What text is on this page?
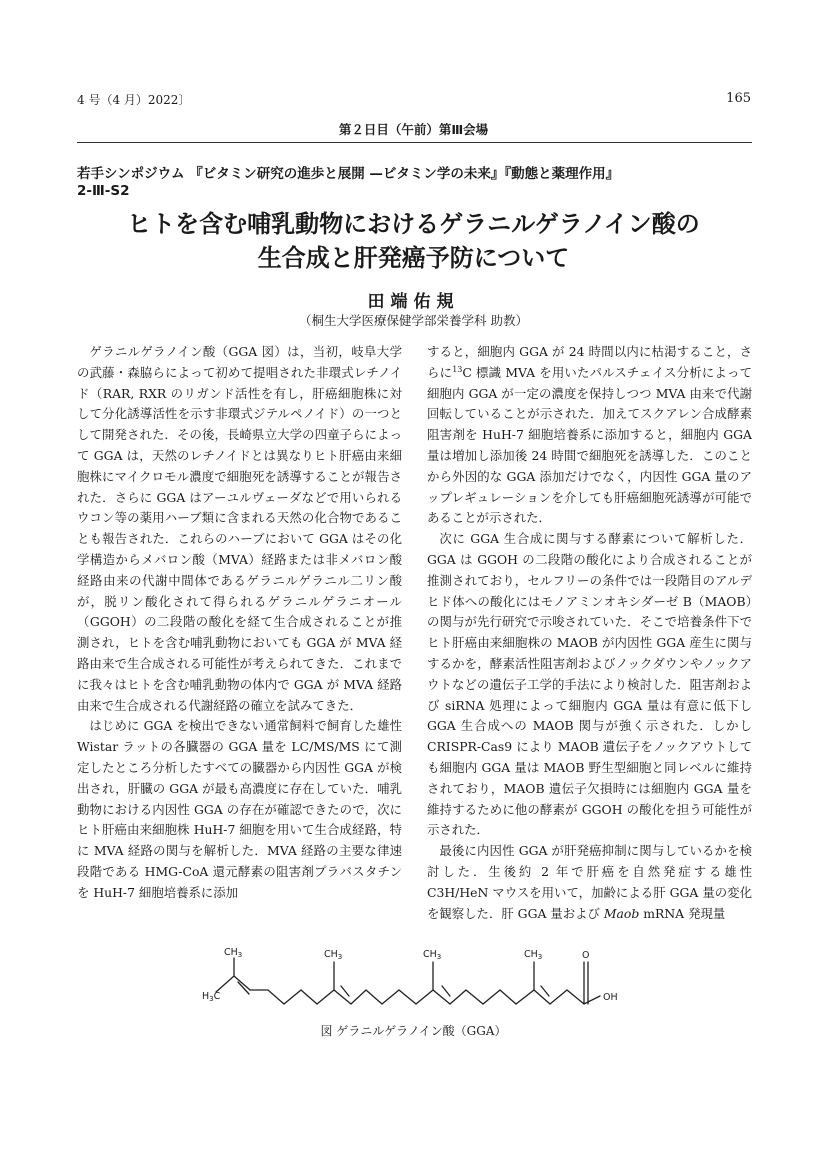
4 号（4 月）2022〕	165
第２日目（午前）第Ⅲ会場
若手シンポジウム 『ビタミン研究の進歩と展開 —ビタミン学の未来』『動態と薬理作用』
2-Ⅲ-S2
ヒトを含む哺乳動物におけるゲラニルゲラノイン酸の
生合成と肝発癌予防について
田端佑規
（桐生大学医療保健学部栄養学科 助教）

ゲラニルゲラノイン酸（GGA 図）は，当初，岐阜大学の武藤・森脇らによって初めて提唱された非環式レチノイド（RAR, RXR のリガンド活性を有し，肝癌細胞株に対して分化誘導活性を示す非環式ジテルペノイド）の一つとして開発された．その後，長崎県立大学の四童子らによって GGA は，天然のレチノイドとは異なりヒト肝癌由来細胞株にマイクロモル濃度で細胞死を誘導することが報告された．さらに GGA はアーユルヴェーダなどで用いられるウコン等の薬用ハーブ類に含まれる天然の化合物であることも報告された．これらのハーブにおいて GGA はその化学構造からメバロン酸（MVA）経路または非メバロン酸経路由来の代謝中間体であるゲラニルゲラニル二リン酸が，脱リン酸化されて得られるゲラニルゲラニオール（GGOH）の二段階の酸化を経て生合成されることが推測され，ヒトを含む哺乳動物においても GGA が MVA 経路由来で生合成される可能性が考えられてきた．これまでに我々はヒトを含む哺乳動物の体内で GGA が MVA 経路由来で生合成される代謝経路の確立を試みてきた．

はじめに GGA を検出できない通常飼料で飼育した雄性 Wistar ラットの各臓器の GGA 量を LC/MS/MS にて測定したところ分析したすべての臓器から内因性 GGA が検出され，肝臓の GGA が最も高濃度に存在していた．哺乳動物における内因性 GGA の存在が確認できたので，次にヒト肝癌由来細胞株 HuH-7 細胞を用いて生合成経路，特に MVA 経路の関与を解析した．MVA 経路の主要な律速段階である HMG-CoA 還元酵素の阻害剤プラバスタチンを HuH-7 細胞培養系に添加

すると，細胞内 GGA が 24 時間以内に枯渇すること，さらに$^{13}$C 標識 MVA を用いたパルスチェイス分析によって細胞内 GGA が一定の濃度を保持しつつ MVA 由来で代謝回転していることが示された．加えてスクアレン合成酵素阻害剤を HuH-7 細胞培養系に添加すると，細胞内 GGA 量は増加し添加後 24 時間で細胞死を誘導した．このことから外因的な GGA 添加だけでなく，内因性 GGA 量のアップレギュレーションを介しても肝癌細胞死誘導が可能であることが示された．

次に GGA 生合成に関与する酵素について解析した．GGA は GGOH の二段階の酸化により合成されることが推測されており，セルフリーの条件では一段階目のアルデヒド体への酸化にはモノアミンオキシダーゼ B（MAOB）の関与が先行研究で示唆されていた．そこで培養条件下でヒト肝癌由来細胞株の MAOB が内因性 GGA 産生に関与するかを，酵素活性阻害剤およびノックダウンやノックアウトなどの遺伝子工学的手法により検討した．阻害剤および siRNA 処理によって細胞内 GGA 量は有意に低下し GGA 生合成への MAOB 関与が強く示された．しかし CRISPR-Cas9 により MAOB 遺伝子をノックアウトしても細胞内 GGA 量は MAOB 野生型細胞と同レベルに維持されており，MAOB 遺伝子欠損時には細胞内 GGA 量を維持するために他の酵素が GGOH の酸化を担う可能性が示された．

最後に内因性 GGA が肝発癌抑制に関与しているかを検討した．生後約 2 年で肝癌を自然発症する雄性 C3H/HeN マウスを用いて，加齢による肝 GGA 量の変化を観察した．肝 GGA 量および Maob mRNA 発現量

$CH_3$	$CH_3$	$CH_3$	$CH_3$
$H_3C$
O
OH
図 ゲラニルゲラノイン酸（GGA）
